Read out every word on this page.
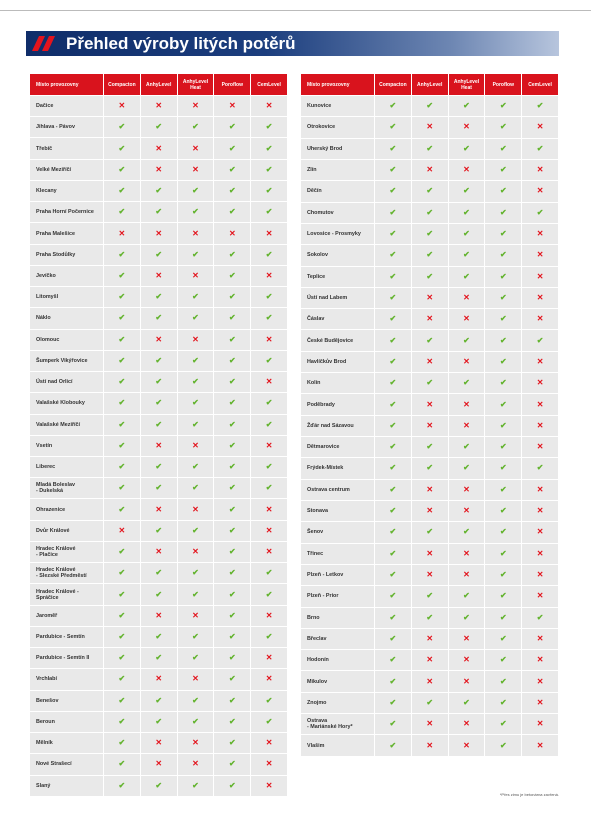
Přehled výroby litých potěrů
Místo provozovny	Compacton	AnhyLevel	AnhyLevel Heat	Poroflow	CemLevel
Dačice	✕	✕	✕	✕	✕
Jihlava - Pávov	✔	✔	✔	✔	✔
Třebíč	✔	✕	✕	✔	✔
Velké Meziříčí	✔	✕	✕	✔	✔
Klecany	✔	✔	✔	✔	✔
Praha Horní Počernice	✔	✔	✔	✔	✔
Praha Malešice	✕	✕	✕	✕	✕
Praha Stodůlky	✔	✔	✔	✔	✔
Jevíčko	✔	✕	✕	✔	✕
Litomyšl	✔	✔	✔	✔	✔
Náklo	✔	✔	✔	✔	✔
Olomouc	✔	✕	✕	✔	✕
Šumperk Vikýřovice	✔	✔	✔	✔	✔
Ústí nad Orlicí	✔	✔	✔	✔	✕
Valašské Klobouky	✔	✔	✔	✔	✔
Valašské Meziříčí	✔	✔	✔	✔	✔
Vsetín	✔	✕	✕	✔	✕
Liberec	✔	✔	✔	✔	✔
Mladá Boleslav
- Dukelská	✔	✔	✔	✔	✔
Ohrazenice	✔	✕	✕	✔	✕
Dvůr Králové	✕	✔	✔	✔	✕
Hradec Králové
- Plačice	✔	✕	✕	✔	✕
Hradec Králové
- Slezské Předměstí	✔	✔	✔	✔	✔
Hradec Králové -
Spráčice	✔	✔	✔	✔	✔
Jaroměř	✔	✕	✕	✔	✕
Pardubice - Semtín	✔	✔	✔	✔	✔
Pardubice - Semtín II	✔	✔	✔	✔	✕
Vrchlabí	✔	✕	✕	✔	✕
Benešov	✔	✔	✔	✔	✔
Beroun	✔	✔	✔	✔	✔
Mělník	✔	✕	✕	✔	✕
Nové Strašecí	✔	✕	✕	✔	✕
Slaný	✔	✔	✔	✔	✕
Místo provozovny	Compacton	AnhyLevel	AnhyLevel Heat	Poroflow	CemLevel
Kunovice	✔	✔	✔	✔	✔
Otrokovice	✔	✕	✕	✔	✕
Uherský Brod	✔	✔	✔	✔	✔
Zlín	✔	✕	✕	✔	✕
Děčín	✔	✔	✔	✔	✕
Chomutov	✔	✔	✔	✔	✔
Lovosice - Prosmyky	✔	✔	✔	✔	✕
Sokolov	✔	✔	✔	✔	✕
Teplice	✔	✔	✔	✔	✕
Ústí nad Labem	✔	✕	✕	✔	✕
Čáslav	✔	✕	✕	✔	✕
České Budějovice	✔	✔	✔	✔	✔
Havlíčkův Brod	✔	✕	✕	✔	✕
Kolín	✔	✔	✔	✔	✕
Poděbrady	✔	✕	✕	✔	✕
Žďár nad Sázavou	✔	✕	✕	✔	✕
Dětmarovice	✔	✔	✔	✔	✕
Frýdek-Místek	✔	✔	✔	✔	✔
Ostrava centrum	✔	✕	✕	✔	✕
Stonava	✔	✕	✕	✔	✕
Šenov	✔	✔	✔	✔	✕
Třinec	✔	✕	✕	✔	✕
Plzeň - Letkov	✔	✕	✕	✔	✕
Plzeň - Prior	✔	✔	✔	✔	✕
Brno	✔	✔	✔	✔	✔
Břeclav	✔	✕	✕	✔	✕
Hodonín	✔	✕	✕	✔	✕
Mikulov	✔	✕	✕	✔	✕
Znojmo	✔	✔	✔	✔	✕
Ostrava
- Mariánské Hory*	✔	✕	✕	✔	✕
Vlašim	✔	✕	✕	✔	✕
*Přes zimu je betonárna zavřená.
